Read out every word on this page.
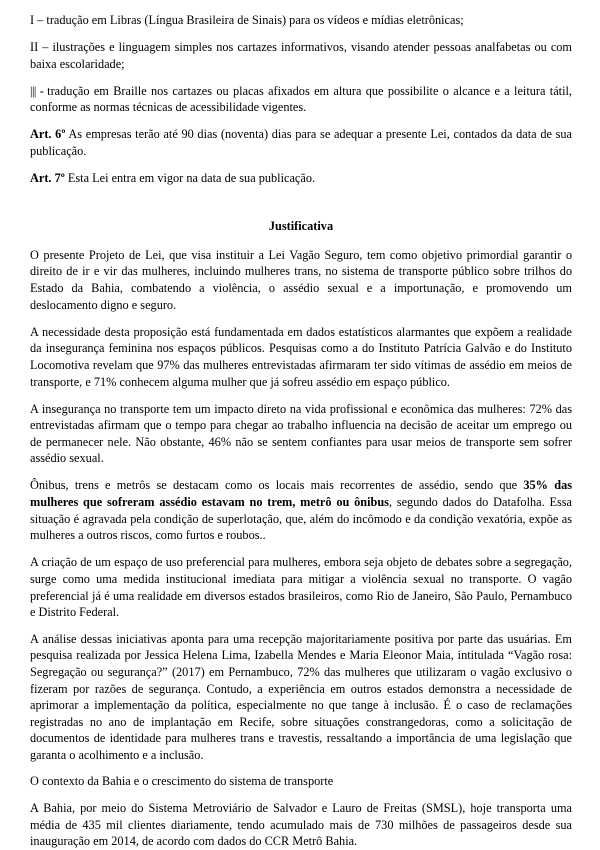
I – tradução em Libras (Língua Brasileira de Sinais) para os vídeos e mídias eletrônicas;

II – ilustrações e linguagem simples nos cartazes informativos, visando atender pessoas analfabetas ou com baixa escolaridade;

||| - tradução em Braille nos cartazes ou placas afixados em altura que possibilite o alcance e a leitura tátil, conforme as normas técnicas de acessibilidade vigentes.

Art. 6º As empresas terão até 90 dias (noventa) dias para se adequar a presente Lei, contados da data de sua publicação.

Art. 7º Esta Lei entra em vigor na data de sua publicação.

Justificativa

O presente Projeto de Lei, que visa instituir a Lei Vagão Seguro, tem como objetivo primordial garantir o direito de ir e vir das mulheres, incluindo mulheres trans, no sistema de transporte público sobre trilhos do Estado da Bahia, combatendo a violência, o assédio sexual e a importunação, e promovendo um deslocamento digno e seguro.

A necessidade desta proposição está fundamentada em dados estatísticos alarmantes que expõem a realidade da insegurança feminina nos espaços públicos. Pesquisas como a do Instituto Patrícia Galvão e do Instituto Locomotiva revelam que 97% das mulheres entrevistadas afirmaram ter sido vítimas de assédio em meios de transporte, e 71% conhecem alguma mulher que já sofreu assédio em espaço público.

A insegurança no transporte tem um impacto direto na vida profissional e econômica das mulheres: 72% das entrevistadas afirmam que o tempo para chegar ao trabalho influencia na decisão de aceitar um emprego ou de permanecer nele. Não obstante, 46% não se sentem confiantes para usar meios de transporte sem sofrer assédio sexual.

Ônibus, trens e metrôs se destacam como os locais mais recorrentes de assédio, sendo que 35% das mulheres que sofreram assédio estavam no trem, metrô ou ônibus, segundo dados do Datafolha. Essa situação é agravada pela condição de superlotação, que, além do incômodo e da condição vexatória, expõe as mulheres a outros riscos, como furtos e roubos..

A criação de um espaço de uso preferencial para mulheres, embora seja objeto de debates sobre a segregação, surge como uma medida institucional imediata para mitigar a violência sexual no transporte. O vagão preferencial já é uma realidade em diversos estados brasileiros, como Rio de Janeiro, São Paulo, Pernambuco e Distrito Federal.

A análise dessas iniciativas aponta para uma recepção majoritariamente positiva por parte das usuárias. Em pesquisa realizada por Jessica Helena Lima, Izabella Mendes e Maria Eleonor Maia, intitulada “Vagão rosa: Segregação ou segurança?” (2017) em Pernambuco, 72% das mulheres que utilizaram o vagão exclusivo o fizeram por razões de segurança. Contudo, a experiência em outros estados demonstra a necessidade de aprimorar a implementação da política, especialmente no que tange à inclusão. É o caso de reclamações registradas no ano de implantação em Recife, sobre situações constrangedoras, como a solicitação de documentos de identidade para mulheres trans e travestis, ressaltando a importância de uma legislação que garanta o acolhimento e a inclusão.

O contexto da Bahia e o crescimento do sistema de transporte

A Bahia, por meio do Sistema Metroviário de Salvador e Lauro de Freitas (SMSL), hoje transporta uma média de 435 mil clientes diariamente, tendo acumulado mais de 730 milhões de passageiros desde sua inauguração em 2014, de acordo com dados do CCR Metrô Bahia.
